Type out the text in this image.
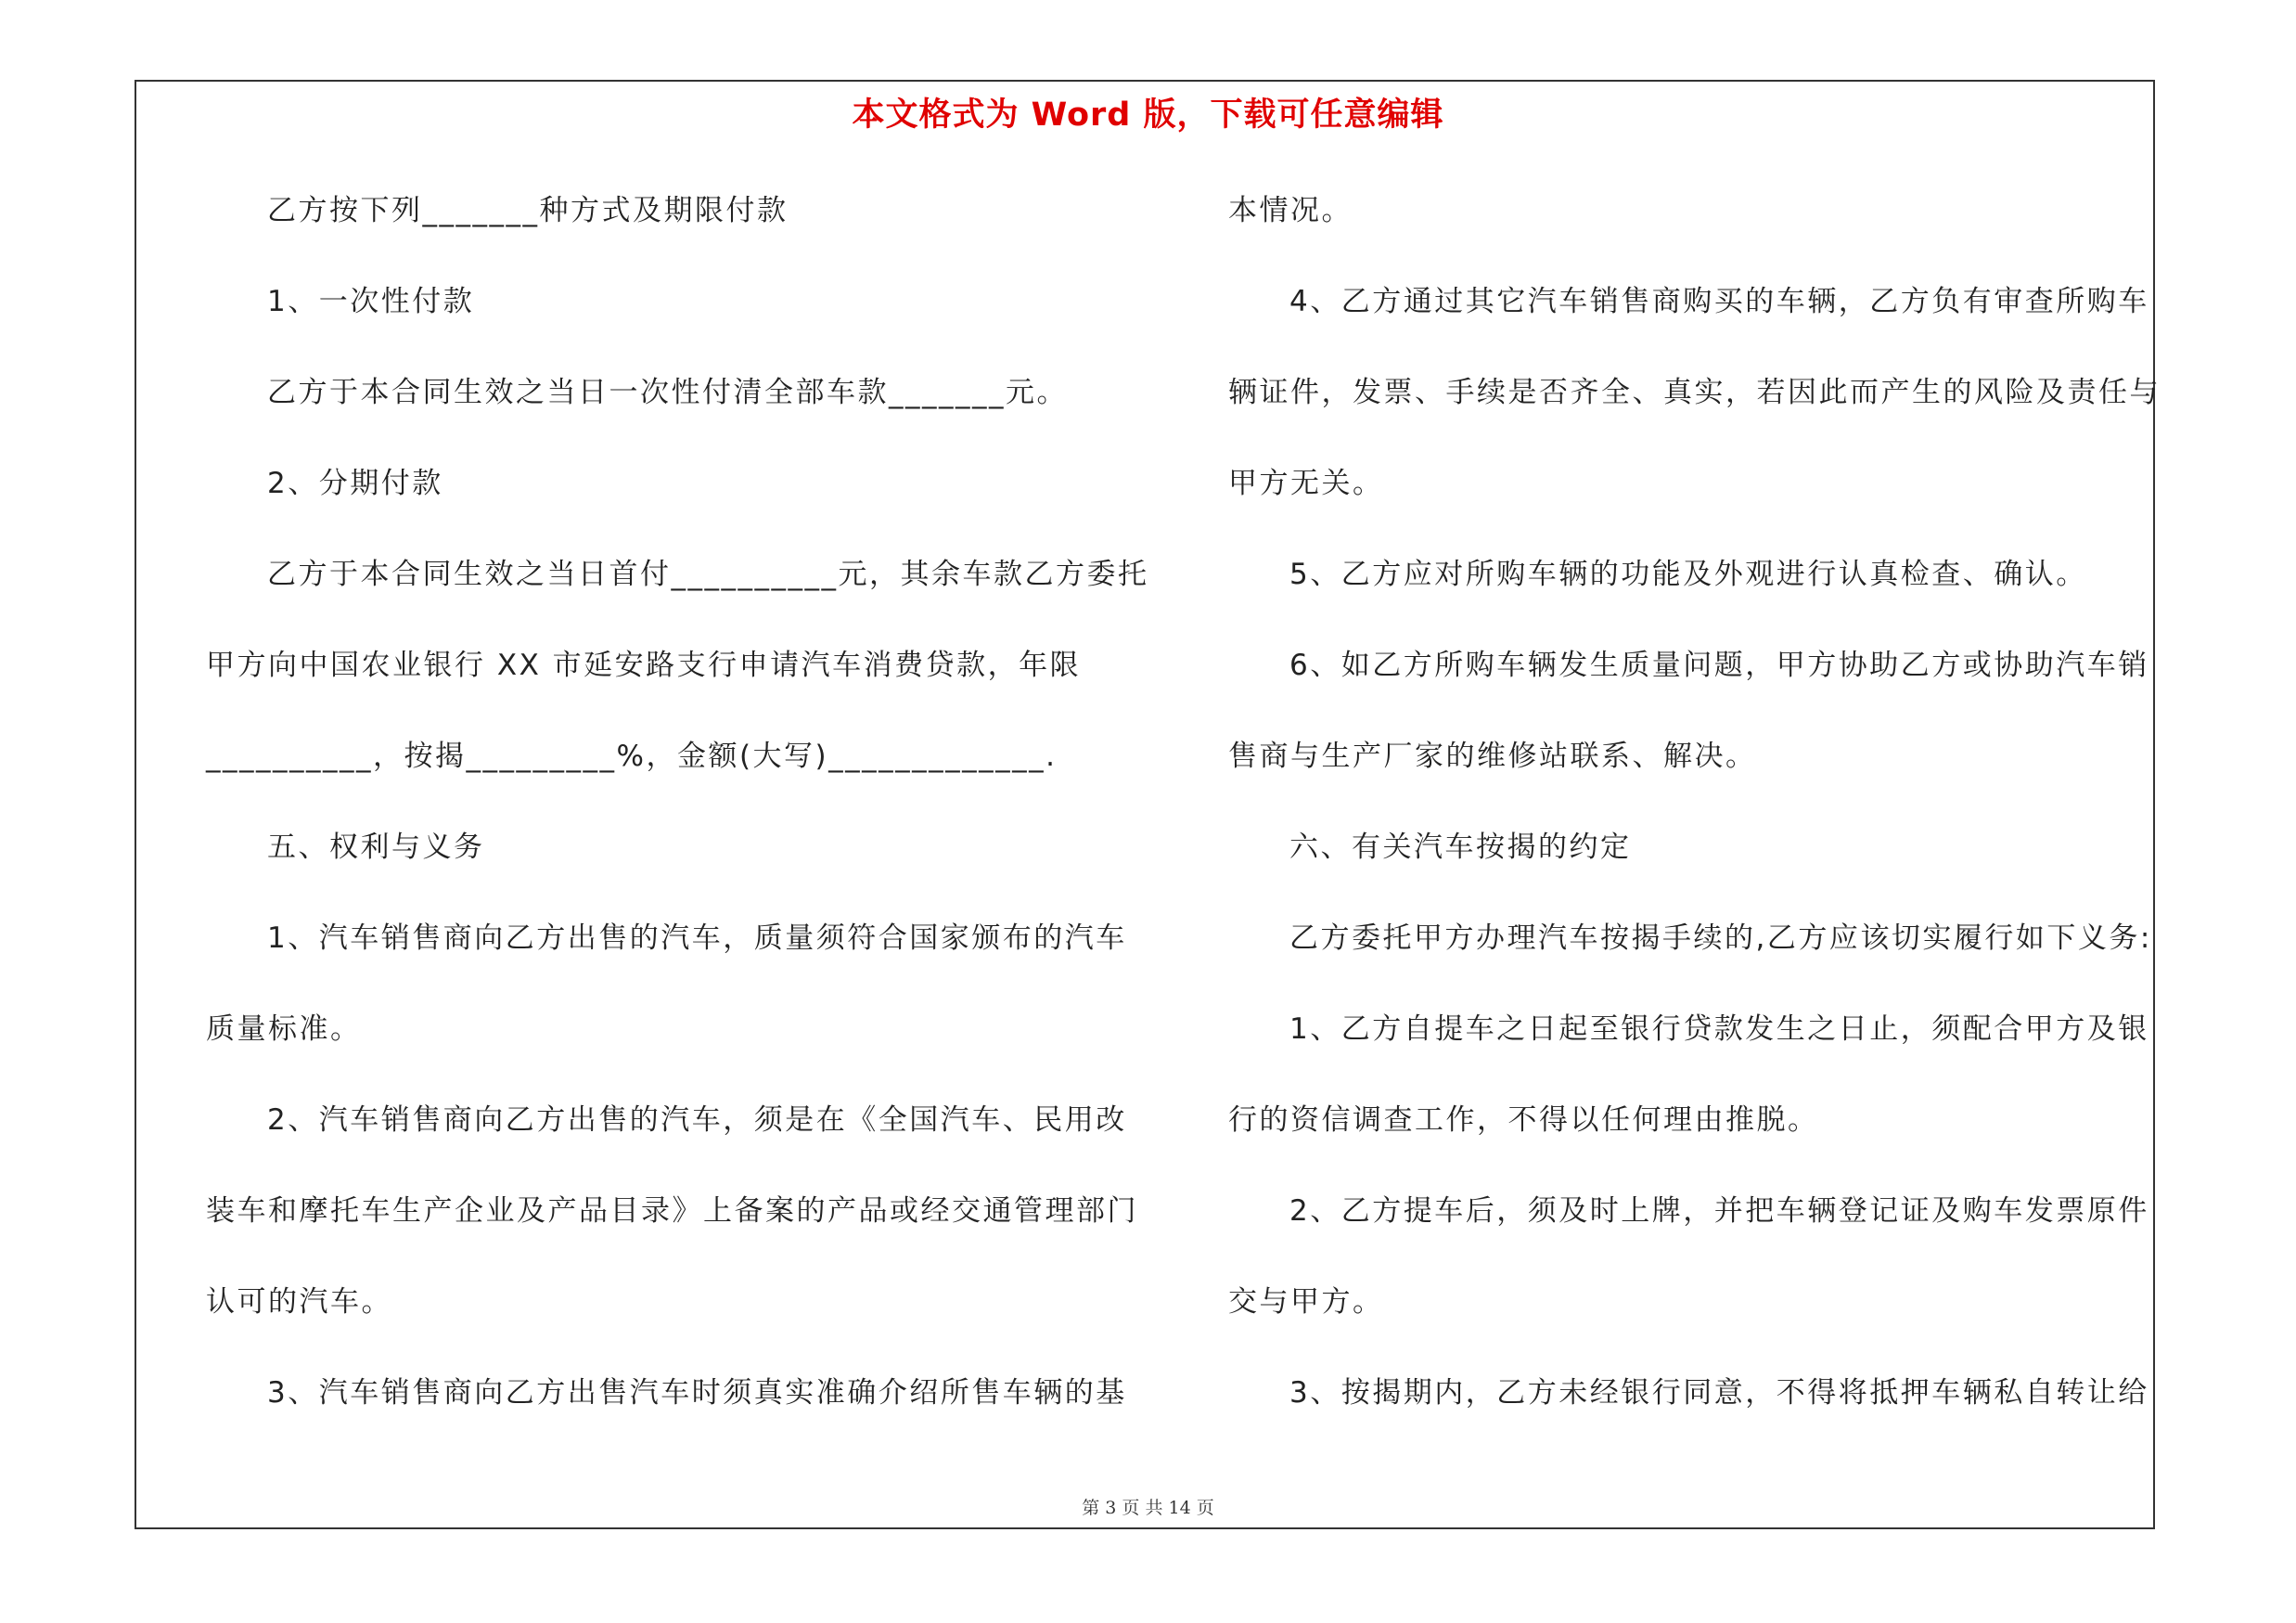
本文格式为 Word 版，下载可任意编辑
乙方按下列_______种方式及期限付款
1、一次性付款
乙方于本合同生效之当日一次性付清全部车款_______元。
2、分期付款
乙方于本合同生效之当日首付__________元，其余车款乙方委托
甲方向中国农业银行 XX 市延安路支行申请汽车消费贷款，年限
__________，按揭_________%，金额(大写)_____________.
五、权利与义务
1、汽车销售商向乙方出售的汽车，质量须符合国家颁布的汽车
质量标准。
2、汽车销售商向乙方出售的汽车，须是在《全国汽车、民用改
装车和摩托车生产企业及产品目录》上备案的产品或经交通管理部门
认可的汽车。
3、汽车销售商向乙方出售汽车时须真实准确介绍所售车辆的基
本情况。
4、乙方通过其它汽车销售商购买的车辆，乙方负有审查所购车
辆证件，发票、手续是否齐全、真实，若因此而产生的风险及责任与
甲方无关。
5、乙方应对所购车辆的功能及外观进行认真检查、确认。
6、如乙方所购车辆发生质量问题，甲方协助乙方或协助汽车销
售商与生产厂家的维修站联系、解决。
六、有关汽车按揭的约定
乙方委托甲方办理汽车按揭手续的,乙方应该切实履行如下义务:
1、乙方自提车之日起至银行贷款发生之日止，须配合甲方及银
行的资信调查工作，不得以任何理由推脱。
2、乙方提车后，须及时上牌，并把车辆登记证及购车发票原件
交与甲方。
3、按揭期内，乙方未经银行同意，不得将抵押车辆私自转让给
第 3 页 共 14 页
